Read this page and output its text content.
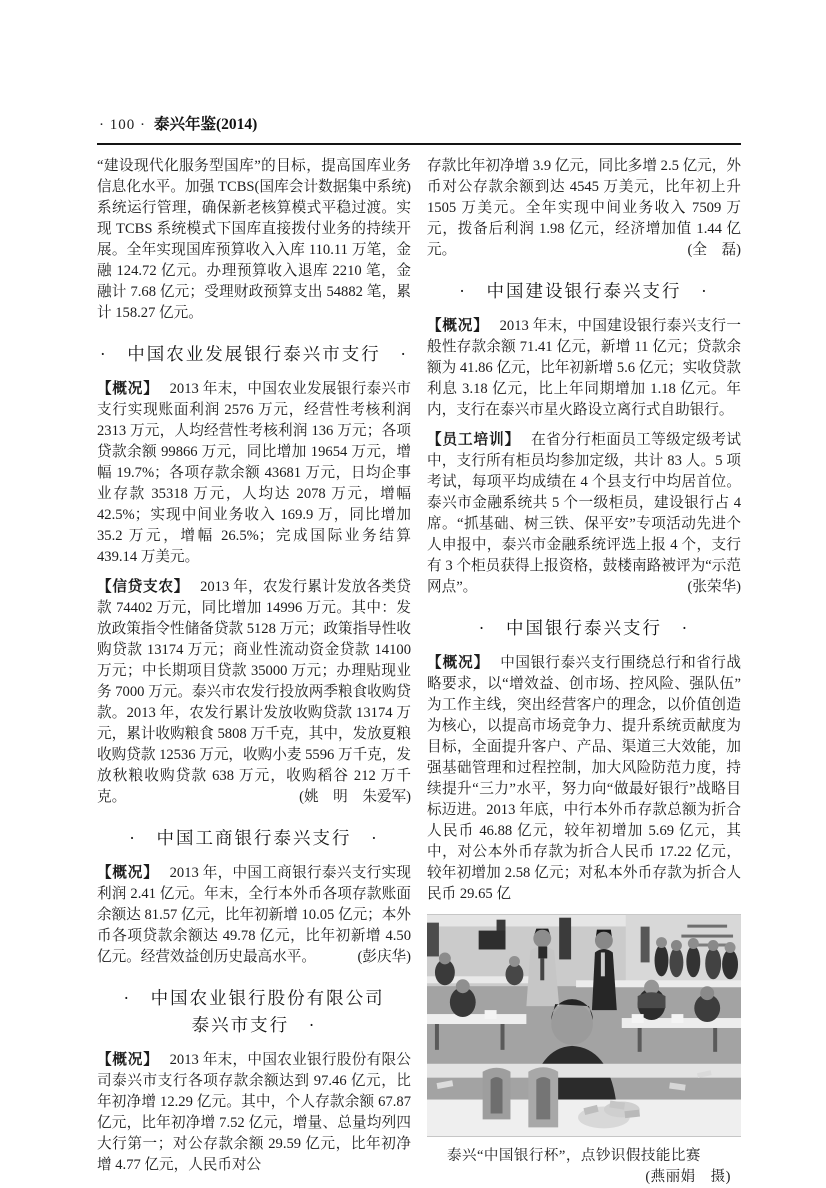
· 100 · 泰兴年鉴(2014)

“建设现代化服务型国库”的目标，提高国库业务信息化水平。加强 TCBS(国库会计数据集中系统)系统运行管理，确保新老核算模式平稳过渡。实现 TCBS 系统模式下国库直接拨付业务的持续开展。全年实现国库预算收入入库 110.11 万笔，金融 124.72 亿元。办理预算收入退库 2210 笔，金融计 7.68 亿元；受理财政预算支出 54882 笔，累计 158.27 亿元。

·　中国农业发展银行泰兴市支行　·

【概况】 2013 年末，中国农业发展银行泰兴市支行实现账面利润 2576 万元，经营性考核利润 2313 万元，人均经营性考核利润 136 万元；各项贷款余额 99866 万元，同比增加 19654 万元，增幅 19.7%；各项存款余额 43681 万元，日均企事业存款 35318 万元，人均达 2078 万元，增幅 42.5%；实现中间业务收入 169.9 万，同比增加 35.2 万元，增幅 26.5%；完成国际业务结算 439.14 万美元。

【信贷支农】 2013 年，农发行累计发放各类贷款 74402 万元，同比增加 14996 万元。其中：发放政策指令性储备贷款 5128 万元；政策指导性收购贷款 13174 万元；商业性流动资金贷款 14100 万元；中长期项目贷款 35000 万元；办理贴现业务 7000 万元。泰兴市农发行投放两季粮食收购贷款。2013 年，农发行累计发放收购贷款 13174 万元，累计收购粮食 5808 万千克，其中，发放夏粮收购贷款 12536 万元，收购小麦 5596 万千克，发放秋粮收购贷款 638 万元，收购稻谷 212 万千克。	(姚　明　朱爱军)

·　中国工商银行泰兴支行　·

【概况】 2013 年，中国工商银行泰兴支行实现利润 2.41 亿元。年末，全行本外币各项存款账面余额达 81.57 亿元，比年初新增 10.05 亿元；本外币各项贷款余额达 49.78 亿元，比年初新增 4.50 亿元。经营效益创历史最高水平。	(彭庆华)

·　中国农业银行股份有限公司
泰兴市支行　·

【概况】 2013 年末，中国农业银行股份有限公司泰兴市支行各项存款余额达到 97.46 亿元，比年初净增 12.29 亿元。其中，个人存款余额 67.87 亿元，比年初净增 7.52 亿元，增量、总量均列四大行第一；对公存款余额 29.59 亿元，比年初净增 4.77 亿元，人民币对公

存款比年初净增 3.9 亿元，同比多增 2.5 亿元，外币对公存款余额到达 4545 万美元，比年初上升 1505 万美元。全年实现中间业务收入 7509 万元，拨备后利润 1.98 亿元，经济增加值 1.44 亿元。	(全　磊)

·　中国建设银行泰兴支行　·

【概况】 2013 年末，中国建设银行泰兴支行一般性存款余额 71.41 亿元，新增 11 亿元；贷款余额为 41.86 亿元，比年初新增 5.6 亿元；实收贷款利息 3.18 亿元，比上年同期增加 1.18 亿元。年内，支行在泰兴市星火路设立离行式自助银行。

【员工培训】 在省分行柜面员工等级定级考试中，支行所有柜员均参加定级，共计 83 人。5 项考试，每项平均成绩在 4 个县支行中均居首位。泰兴市金融系统共 5 个一级柜员，建设银行占 4 席。“抓基础、树三铁、保平安”专项活动先进个人申报中，泰兴市金融系统评选上报 4 个，支行有 3 个柜员获得上报资格，鼓楼南路被评为“示范网点”。	(张荣华)

·　中国银行泰兴支行　·

【概况】 中国银行泰兴支行围绕总行和省行战略要求，以“增效益、创市场、控风险、强队伍”为工作主线，突出经营客户的理念，以价值创造为核心，以提高市场竞争力、提升系统贡献度为目标，全面提升客户、产品、渠道三大效能，加强基础管理和过程控制，加大风险防范力度，持续提升“三力”水平，努力向“做最好银行”战略目标迈进。2013 年底，中行本外币存款总额为折合人民币 46.88 亿元，较年初增加 5.69 亿元，其中，对公本外币存款为折合人民币 17.22 亿元，较年初增加 2.58 亿元；对私本外币存款为折合人民币 29.65 亿

泰兴“中国银行杯”，点钞识假技能比赛
(燕丽娟　摄)
